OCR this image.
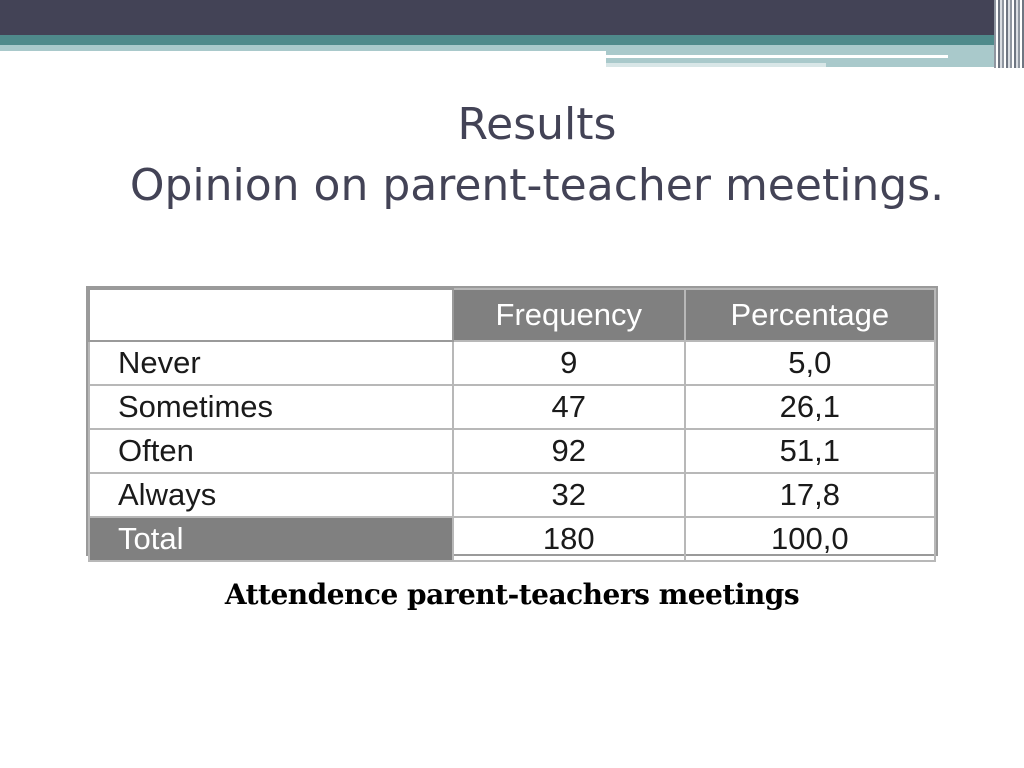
Results
Opinion on parent-teacher meetings.
	Frequency	Percentage
Never	9	5,0
Sometimes	47	26,1
Often	92	51,1
Always	32	17,8
Total	180	100,0
Attendence parent-teachers meetings
